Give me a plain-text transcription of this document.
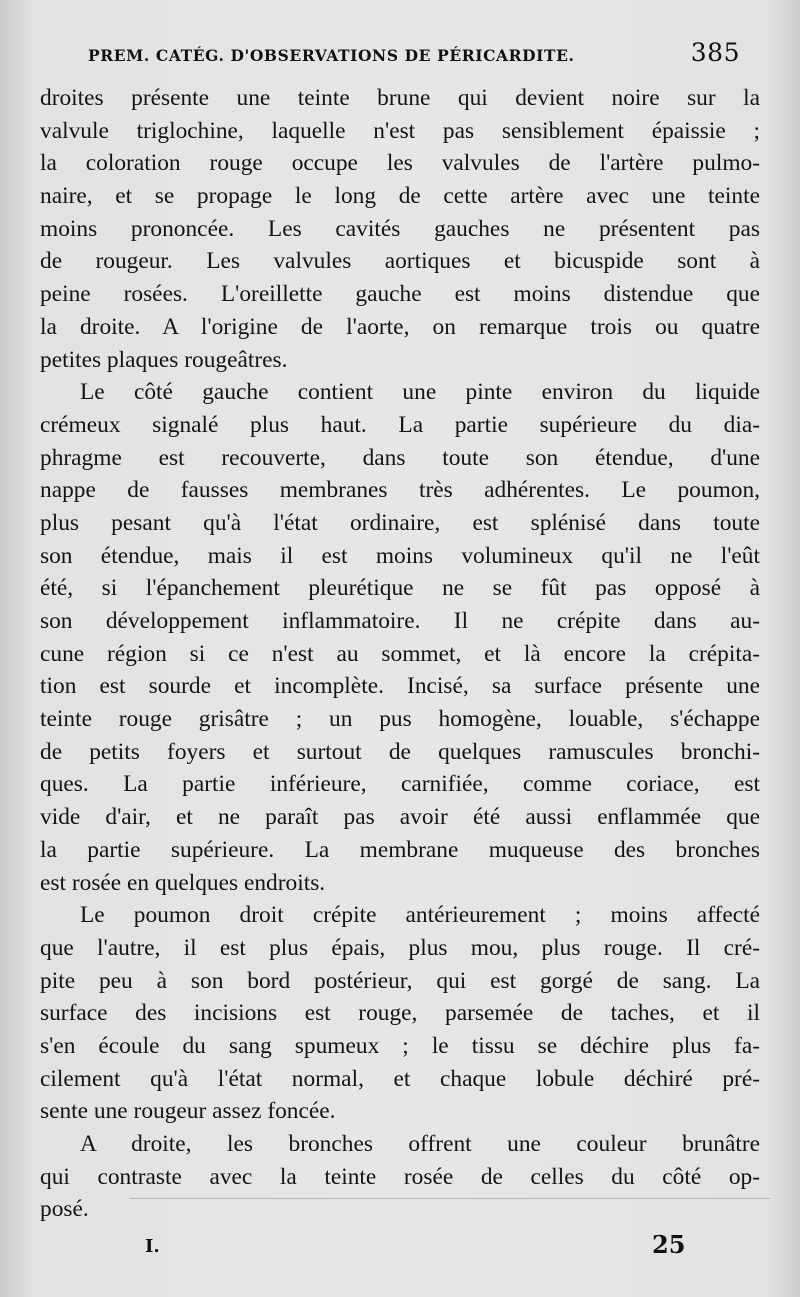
PREM. CATÉG. D'OBSERVATIONS DE PÉRICARDITE.	385
droites présente une teinte brune qui devient noire sur la
valvule triglochine, laquelle n'est pas sensiblement épaissie ;
la coloration rouge occupe les valvules de l'artère pulmo-
naire, et se propage le long de cette artère avec une teinte
moins prononcée. Les cavités gauches ne présentent pas
de rougeur. Les valvules aortiques et bicuspide sont à
peine rosées. L'oreillette gauche est moins distendue que
la droite. A l'origine de l'aorte, on remarque trois ou quatre
petites plaques rougeâtres.
Le côté gauche contient une pinte environ du liquide
crémeux signalé plus haut. La partie supérieure du dia-
phragme est recouverte, dans toute son étendue, d'une
nappe de fausses membranes très adhérentes. Le poumon,
plus pesant qu'à l'état ordinaire, est splénisé dans toute
son étendue, mais il est moins volumineux qu'il ne l'eût
été, si l'épanchement pleurétique ne se fût pas opposé à
son développement inflammatoire. Il ne crépite dans au-
cune région si ce n'est au sommet, et là encore la crépita-
tion est sourde et incomplète. Incisé, sa surface présente une
teinte rouge grisâtre ; un pus homogène, louable, s'échappe
de petits foyers et surtout de quelques ramuscules bronchi-
ques. La partie inférieure, carnifiée, comme coriace, est
vide d'air, et ne paraît pas avoir été aussi enflammée que
la partie supérieure. La membrane muqueuse des bronches
est rosée en quelques endroits.
Le poumon droit crépite antérieurement ; moins affecté
que l'autre, il est plus épais, plus mou, plus rouge. Il cré-
pite peu à son bord postérieur, qui est gorgé de sang. La
surface des incisions est rouge, parsemée de taches, et il
s'en écoule du sang spumeux ; le tissu se déchire plus fa-
cilement qu'à l'état normal, et chaque lobule déchiré pré-
sente une rougeur assez foncée.
A droite, les bronches offrent une couleur brunâtre
qui contraste avec la teinte rosée de celles du côté op-
posé.
I.	25
